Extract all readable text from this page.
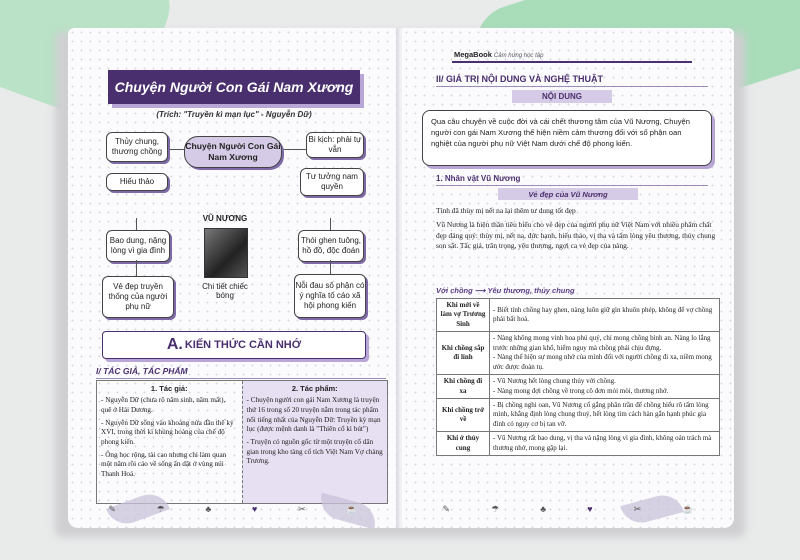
Chuyện Người Con Gái Nam Xương
(Trích: "Truyền kì mạn lục" - Nguyễn Dữ)
Thủy chung, thương chồng
Chuyện Người Con Gái Nam Xương
Bi kịch: phải tự vẫn
Hiếu thảo
Tư tưởng nam quyền
VŨ NƯƠNG
Chi tiết chiếc bóng
Bao dung, nặng lòng vì gia đình
Thói ghen tuông, hồ đồ, độc đoán
Vẻ đẹp truyền thống của người phụ nữ
Nỗi đau số phận có ý nghĩa tố cáo xã hội phong kiến
A. KIẾN THỨC CẦN NHỚ
I/ TÁC GIẢ, TÁC PHẨM
1. Tác giả:

- Nguyễn Dữ (chưa rõ năm sinh, năm mất), quê ở Hải Dương.

- Nguyễn Dữ sống vào khoảng nửa đầu thế kỷ XVI, trong thời kì khủng hoảng của chế độ phong kiến.

- Ông học rộng, tài cao nhưng chỉ làm quan một năm rồi cáo về sống ẩn dật ở vùng núi Thanh Hoá.

2. Tác phẩm:

- Chuyện người con gái Nam Xương là truyện thứ 16 trong số 20 truyện nằm trong tác phẩm nổi tiếng nhất của Nguyễn Dữ: Truyền kỳ mạn lục (được mệnh danh là "Thiên cổ kì bút")

- Truyện có nguồn gốc từ một truyện cổ dân gian trong kho tàng cổ tích Việt Nam Vợ chàng Trương.

✎	☂	♣	♥	✂	☕
MegaBook Cảm hứng học tập
II/ GIÁ TRỊ NỘI DUNG VÀ NGHỆ THUẬT
NỘI DUNG
Qua câu chuyện về cuộc đời và cái chết thương tâm của Vũ Nương, Chuyện người con gái Nam Xương thể hiện niềm cảm thương đối với số phận oan nghiệt của người phụ nữ Việt Nam dưới chế độ phong kiến.
1. Nhân vật Vũ Nương
Vẻ đẹp của Vũ Nương
Tính đã thùy mị nết na lại thêm tư dung tốt đẹp
Vũ Nương là hiện thân tiêu biểu cho vẻ đẹp của người phụ nữ Việt Nam với nhiều phẩm chất đẹp đáng quý: thùy mị, nết na, đức hạnh, hiếu thảo, vị tha và tấm lòng yêu thương, thủy chung son sắt. Tấc giả, trân trọng, yêu thương, ngợi ca vẻ đẹp của nàng.
Với chồng ⟶ Yêu thương, thủy chung
Khi mới về làm vợ Trương Sinh	- Biết tính chồng hay ghen, nàng luôn giữ gìn khuôn phép, không để vợ chồng phải bất hoà.
Khi chồng sắp đi lính	- Nàng không mong vinh hoa phú quý, chỉ mong chồng bình an. Nàng lo lắng trước những gian khổ, hiểm nguy mà chồng phải chịu đựng.
- Nàng thể hiện sự mong nhớ của mình đối với người chồng đi xa, niềm mong ước được đoàn tụ.
Khi chồng đi xa	- Vũ Nương hết lòng chung thủy với chồng.
- Nàng mong đợi chồng về trong cô đơn mỏi mòi, thương nhớ.
Khi chồng trở về	- Bị chồng nghi oan, Vũ Nương cố gắng phân trần để chồng hiểu rõ tấm lòng mình, khẳng định lòng chung thuỷ, hết lòng tìm cách hàn gắn hạnh phúc gia đình có nguy cơ bị tan vỡ.
Khi ở thủy cung	- Vũ Nương rất bao dung, vị tha và nặng lòng vì gia đình, không oán trách mà thương nhớ, mong gặp lại.
✎	☂	♣	♥	✂	☕
